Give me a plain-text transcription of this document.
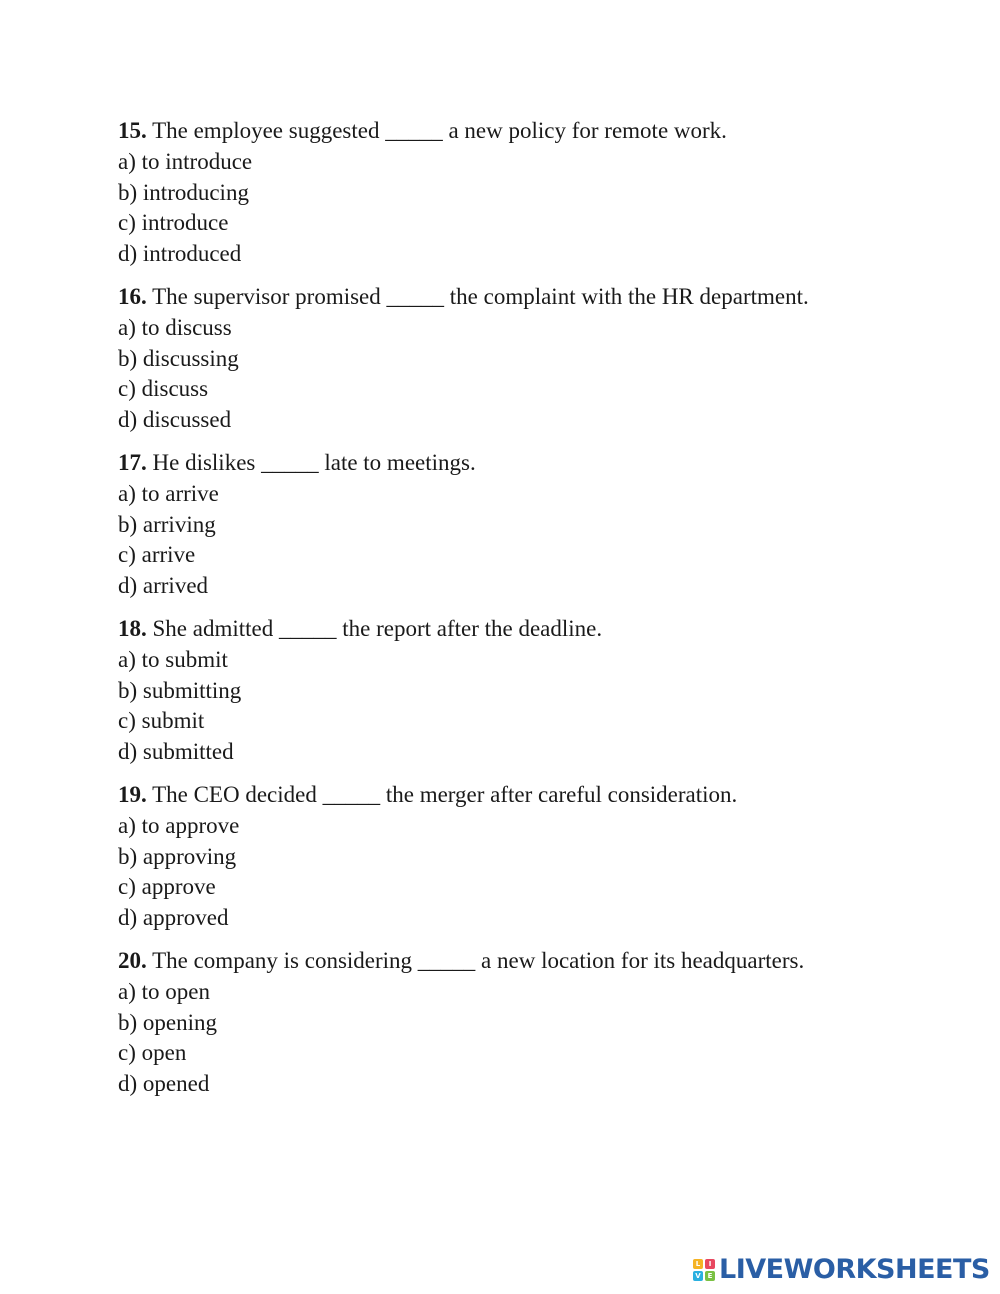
15. The employee suggested _____ a new policy for remote work.
a) to introduce
b) introducing
c) introduce
d) introduced
16. The supervisor promised _____ the complaint with the HR department.
a) to discuss
b) discussing
c) discuss
d) discussed
17. He dislikes _____ late to meetings.
a) to arrive
b) arriving
c) arrive
d) arrived
18. She admitted _____ the report after the deadline.
a) to submit
b) submitting
c) submit
d) submitted
19. The CEO decided _____ the merger after careful consideration.
a) to approve
b) approving
c) approve
d) approved
20. The company is considering _____ a new location for its headquarters.
a) to open
b) opening
c) open
d) opened
L	I
V E LIVEWORKSHEETS
